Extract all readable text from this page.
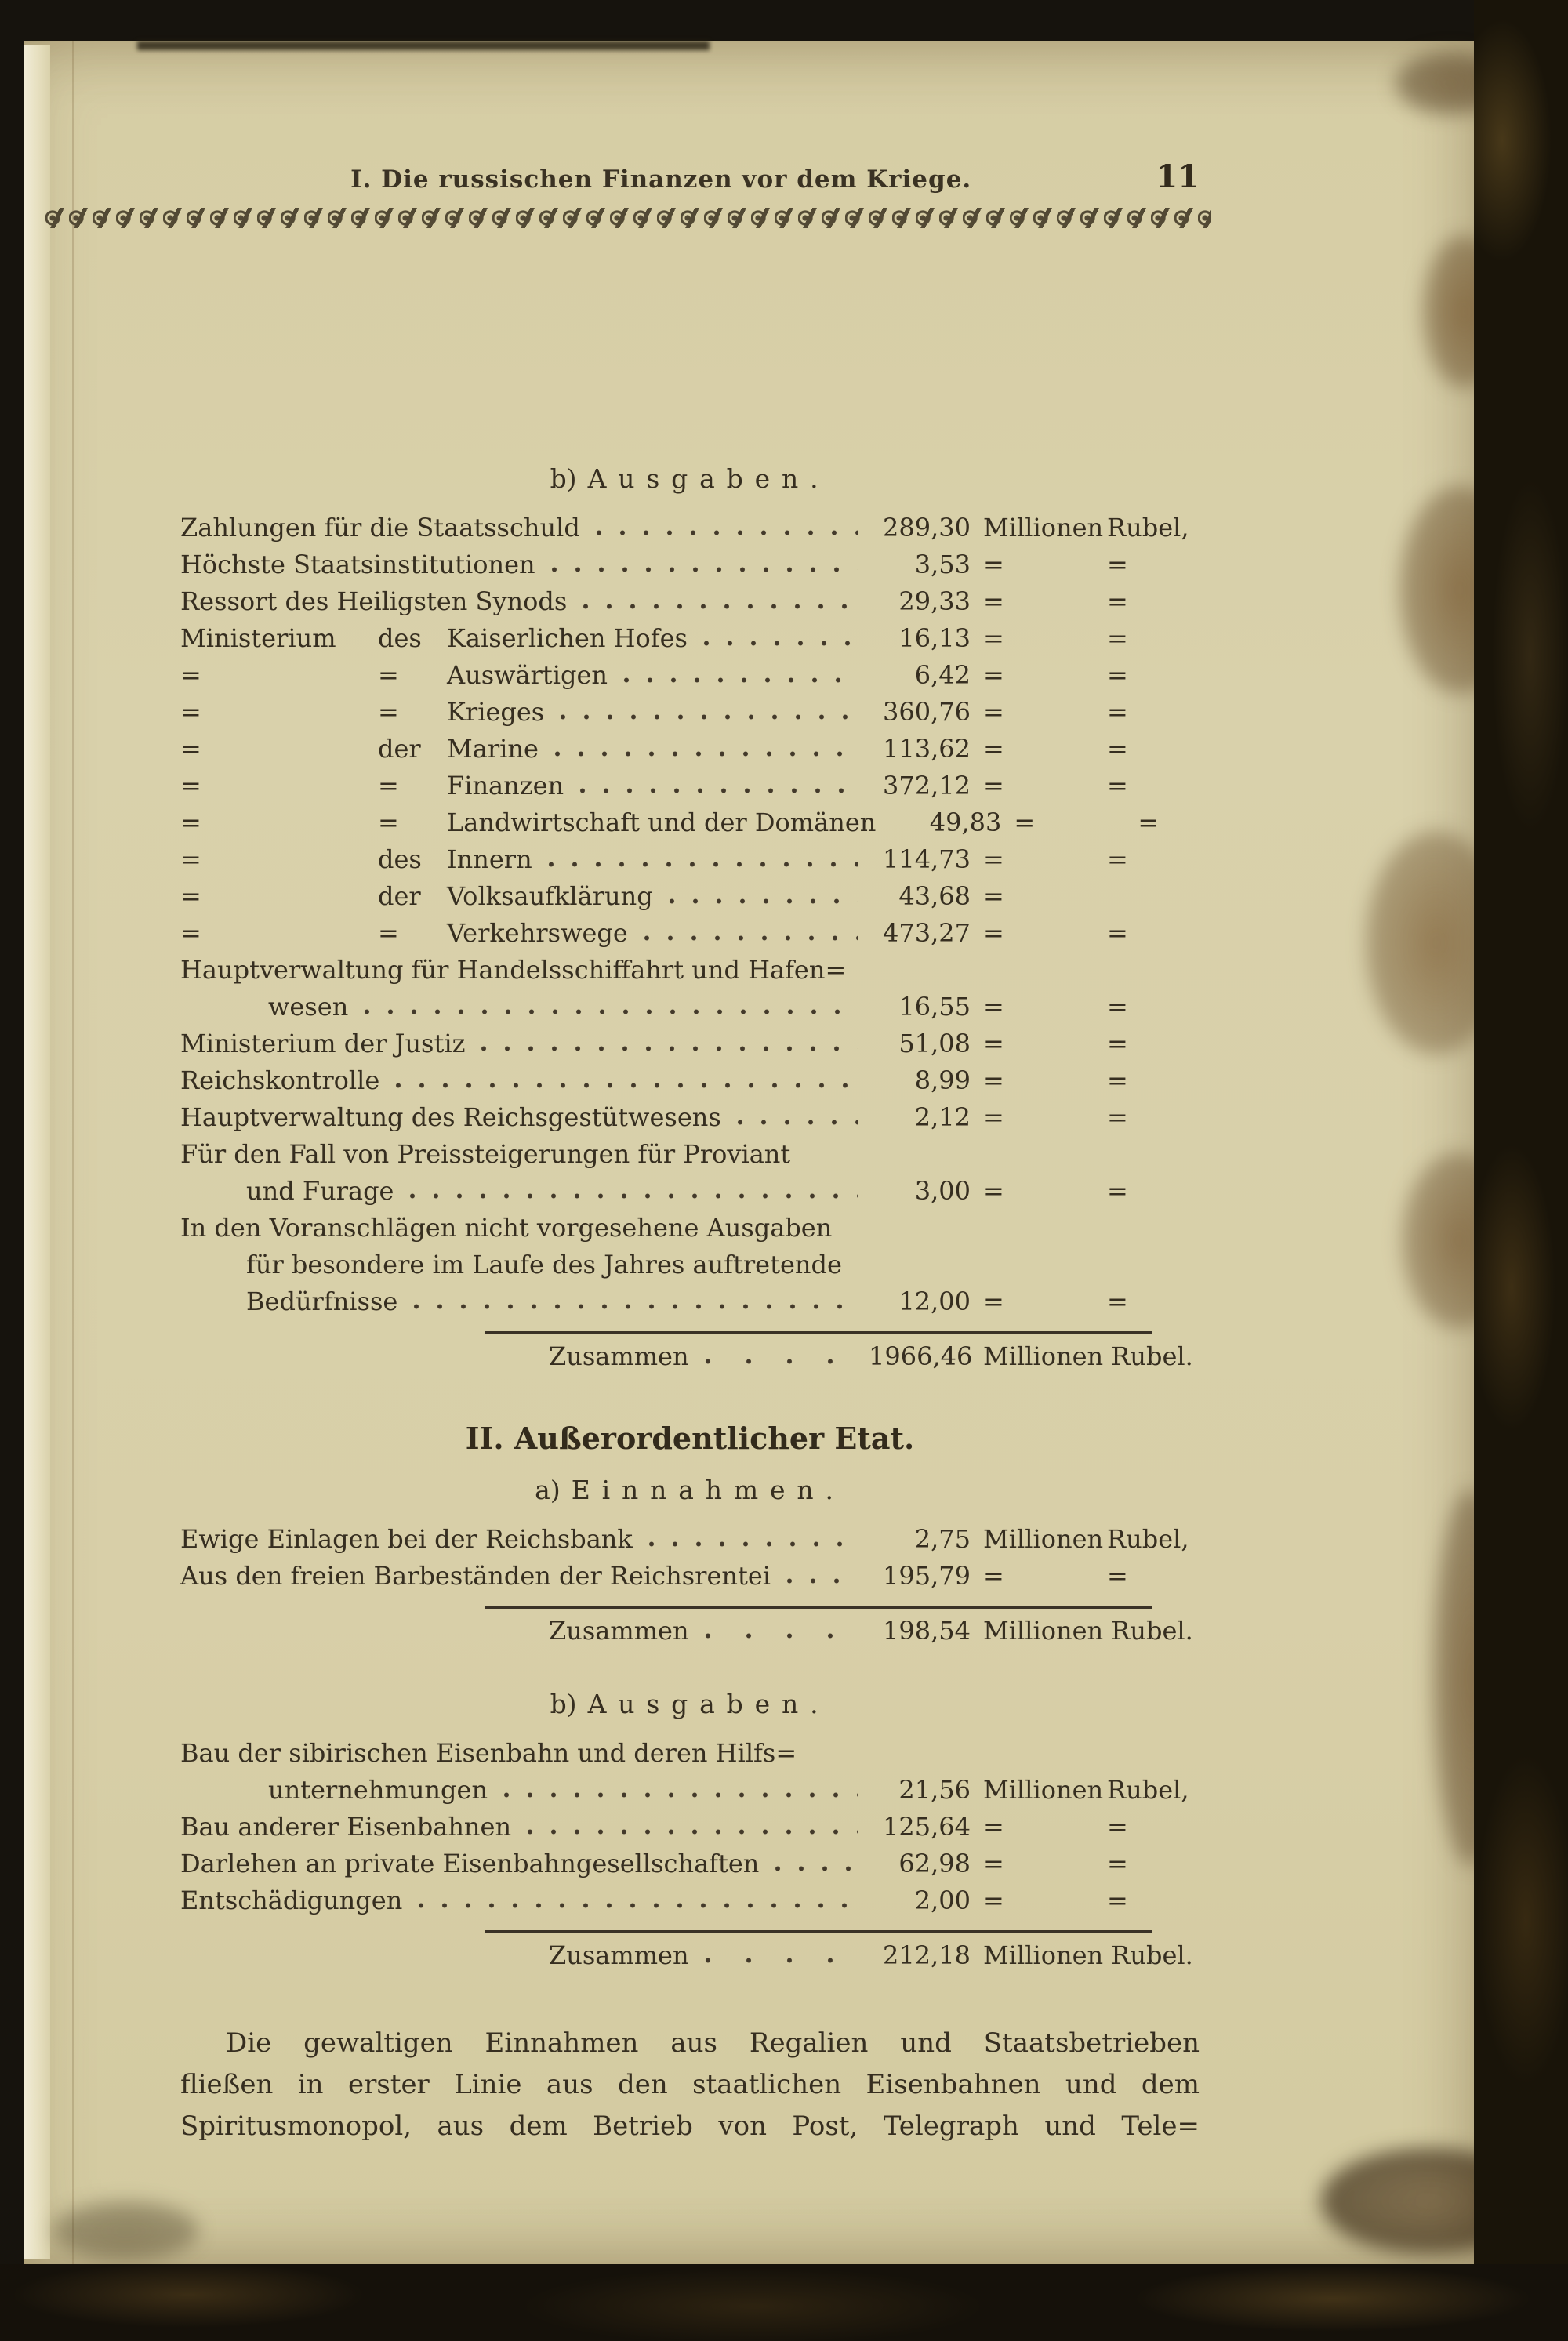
I. Die russischen Finanzen vor dem Kriege.	11
b) Ausgaben.
Zahlungen für die Staatsschuld	289,30 Millionen Rubel,
Höchste Staatsinstitutionen	3,53 =	=
Ressort des Heiligsten Synods	29,33 =	=
Ministerium	des	Kaiserlichen Hofes	16,13 =	=
=	=	Auswärtigen	6,42 =	=
=	=	Krieges	360,76 =	=
=	der	Marine	113,62 =	=
=	=	Finanzen	372,12 =	=
=	=	Landwirtschaft und der Domänen	49,83 =	=
=	des	Innern	114,73 =	=
=	der	Volksaufklärung	43,68 =
=	=	Verkehrswege	473,27 =	=
Hauptverwaltung für Handelsschiffahrt und Hafen=
wesen	16,55 =	=
Ministerium der Justiz	51,08 =	=
Reichskontrolle	8,99 =	=
Hauptverwaltung des Reichsgestütwesens	2,12 =	=
Für den Fall von Preissteigerungen für Proviant
und Furage	3,00 =	=
In den Voranschlägen nicht vorgesehene Ausgaben
für besondere im Laufe des Jahres auftretende
Bedürfnisse	12,00 =	=
Zusammen	1966,46 Millionen Rubel.
II. Außerordentlicher Etat.
a) Einnahmen.
Ewige Einlagen bei der Reichsbank	2,75 Millionen Rubel,
Aus den freien Barbeständen der Reichsrentei	195,79 =	=
Zusammen	198,54 Millionen Rubel.
b) Ausgaben.
Bau der sibirischen Eisenbahn und deren Hilfs=
unternehmungen	21,56 Millionen Rubel,
Bau anderer Eisenbahnen	125,64 =	=
Darlehen an private Eisenbahngesellschaften	62,98 =	=
Entschädigungen	2,00 =	=
Zusammen	212,18 Millionen Rubel.
Die gewaltigen Einnahmen aus Regalien und Staatsbetrieben
fließen in erster Linie aus den staatlichen Eisenbahnen und dem
Spiritusmonopol, aus dem Betrieb von Post, Telegraph und Tele=
